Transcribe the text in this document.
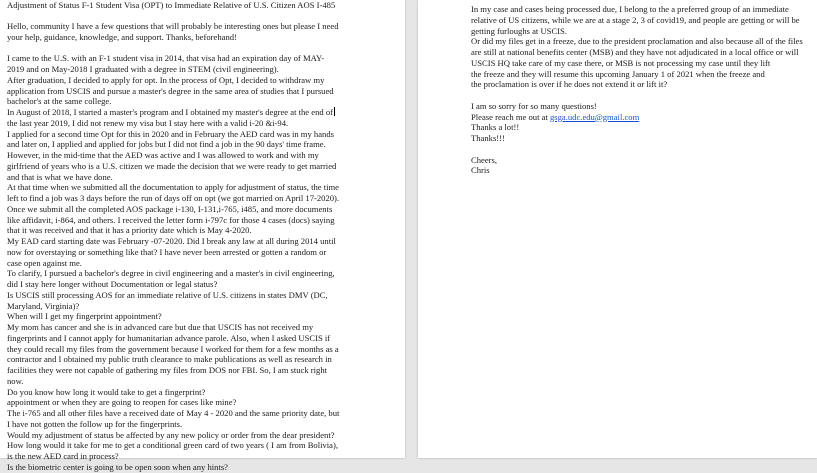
Adjustment of Status F-1 Student Visa (OPT) to Immediate Relative of U.S. Citizen AOS I-485
Hello, community I have a few questions that will probably be interesting ones but please I need
your help, guidance, knowledge, and support. Thanks, beforehand!
I came to the U.S. with an F-1 student visa in 2014, that visa had an expiration day of MAY-
2019 and on May-2018 I graduated with a degree in STEM (civil engineering).
After graduation, I decided to apply for opt. In the process of Opt, I decided to withdraw my
application from USCIS and pursue a master's degree in the same area of studies that I pursued
bachelor's at the same college.
In August of 2018, I started a master's program and I obtained my master's degree at the end of
the last year 2019, I did not renew my visa but I stay here with a valid i-20 &i-94.
I applied for a second time Opt for this in 2020 and in February the AED card was in my hands
and later on, I applied and applied for jobs but I did not find a job in the 90 days' time frame.
However, in the mid-time that the AED was active and I was allowed to work and with my
girlfriend of years who is a U.S. citizen we made the decision that we were ready to get married
and that is what we have done.
At that time when we submitted all the documentation to apply for adjustment of status, the time
left to find a job was 3 days before the run of days off on opt (we got married on April 17-2020).
Once we submit all the completed AOS package i-130, I-131,i-765, i485, and more documents
like affidavit, i-864, and others. I received the letter form i-797c for those 4 cases (docs) saying
that it was received and that it has a priority date which is May 4-2020.
My EAD card starting date was February -07-2020. Did I break any law at all during 2014 until
now for overstaying or something like that? I have never been arrested or gotten a random or
case open against me.
To clarify, I pursued a bachelor's degree in civil engineering and a master's in civil engineering,
did I stay here longer without Documentation or legal status?
Is USCIS still processing AOS for an immediate relative of U.S. citizens in states DMV (DC,
Maryland, Virginia)?
When will I get my fingerprint appointment?
My mom has cancer and she is in advanced care but due that USCIS has not received my
fingerprints and I cannot apply for humanitarian advance parole. Also, when I asked USCIS if
they could recall my files from the government because I worked for them for a few months as a
contractor and I obtained my public truth clearance to make publications as well as research in
facilities they were not capable of gathering my files from DOS nor FBI. So, I am stuck right
now.
Do you know how long it would take to get a fingerprint?
appointment or when they are going to reopen for cases like mine?
The i-765 and all other files have a received date of May 4 - 2020 and the same priority date, but
I have not gotten the follow up for the fingerprints.
Would my adjustment of status be affected by any new policy or order from the dear president?
How long would it take for me to get a conditional green card of two years ( I am from Bolivia),
is the new AED card in process?
Is the biometric center is going to be open soon when any hints?
In my case and cases being processed due, I belong to the a preferred group of an immediate
relative of US citizens, while we are at a stage 2, 3 of covid19, and people are getting or will be
getting furloughs at USCIS.
Or did my files get in a freeze, due to the president proclamation and also because all of the files
are still at national benefits center (MSB) and they have not adjudicated in a local office or will
USCIS HQ take care of my case there, or MSB is not processing my case until they lift
the freeze and they will resume this upcoming January 1 of 2021 when the freeze and
the proclamation is over if he does not extend it or lift it?
I am so sorry for so many questions!
Please reach me out at gsga.udc.edu@gmail.com
Thanks a lot!!
Thanks!!!
Cheers,
Chris
